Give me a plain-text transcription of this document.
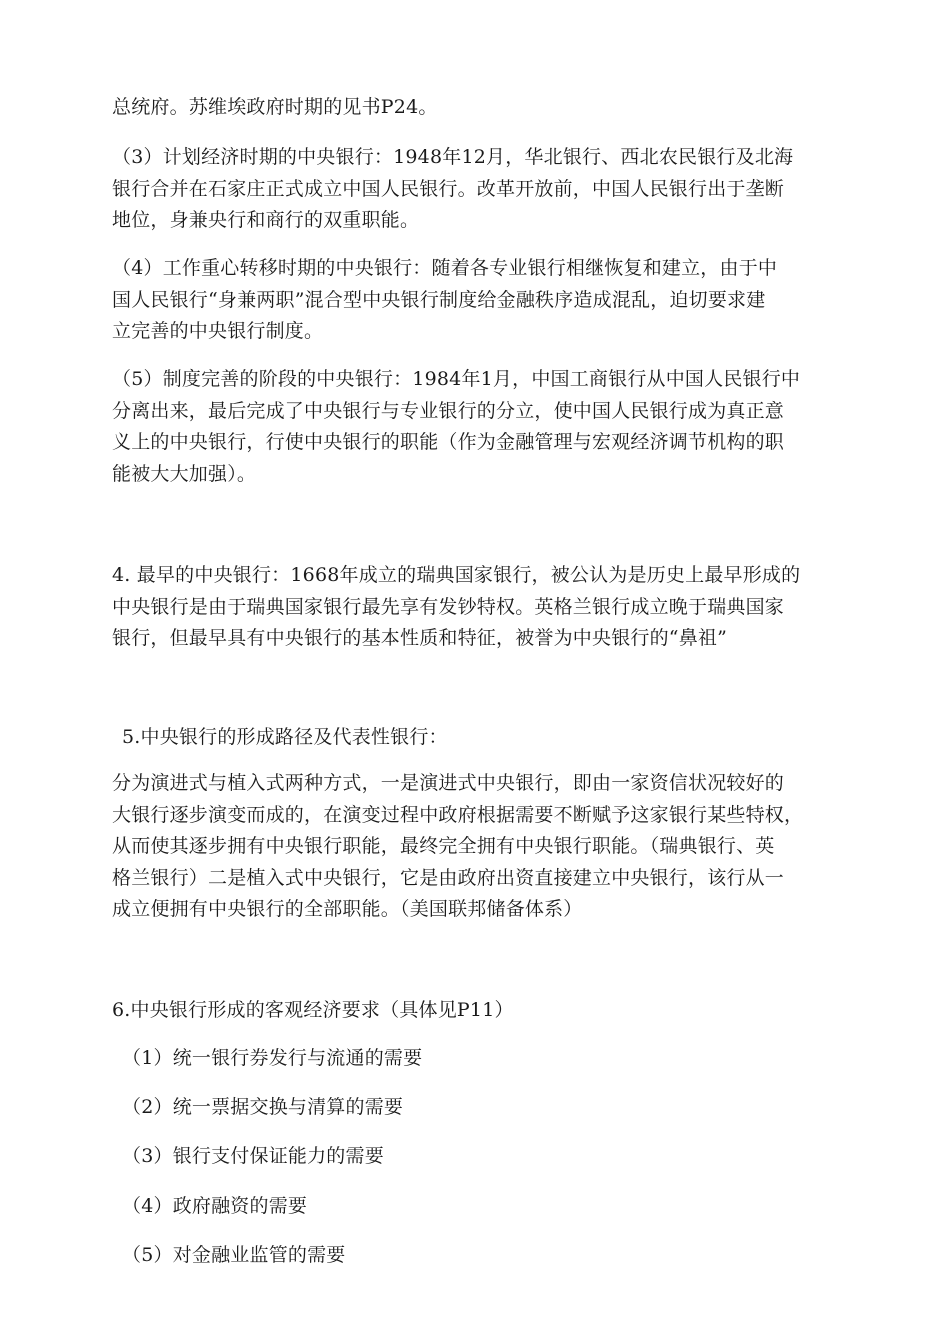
总统府。苏维埃政府时期的见书P24。

（3）计划经济时期的中央银行：1948年12月，华北银行、西北农民银行及北海
银行合并在石家庄正式成立中国人民银行。改革开放前，中国人民银行出于垄断
地位，身兼央行和商行的双重职能。

（4）工作重心转移时期的中央银行：随着各专业银行相继恢复和建立，由于中
国人民银行“身兼两职”混合型中央银行制度给金融秩序造成混乱，迫切要求建
立完善的中央银行制度。

（5）制度完善的阶段的中央银行：1984年1月，中国工商银行从中国人民银行中
分离出来，最后完成了中央银行与专业银行的分立，使中国人民银行成为真正意
义上的中央银行，行使中央银行的职能（作为金融管理与宏观经济调节机构的职
能被大大加强）。

4. 最早的中央银行：1668年成立的瑞典国家银行，被公认为是历史上最早形成的
中央银行是由于瑞典国家银行最先享有发钞特权。英格兰银行成立晚于瑞典国家
银行，但最早具有中央银行的基本性质和特征，被誉为中央银行的“鼻祖”

5.中央银行的形成路径及代表性银行：

分为演进式与植入式两种方式，一是演进式中央银行，即由一家资信状况较好的
大银行逐步演变而成的，在演变过程中政府根据需要不断赋予这家银行某些特权，
从而使其逐步拥有中央银行职能，最终完全拥有中央银行职能。（瑞典银行、英
格兰银行）二是植入式中央银行，它是由政府出资直接建立中央银行，该行从一
成立便拥有中央银行的全部职能。（美国联邦储备体系）

6.中央银行形成的客观经济要求（具体见P11）

（1）统一银行券发行与流通的需要

（2）统一票据交换与清算的需要

（3）银行支付保证能力的需要

（4）政府融资的需要

（5）对金融业监管的需要
